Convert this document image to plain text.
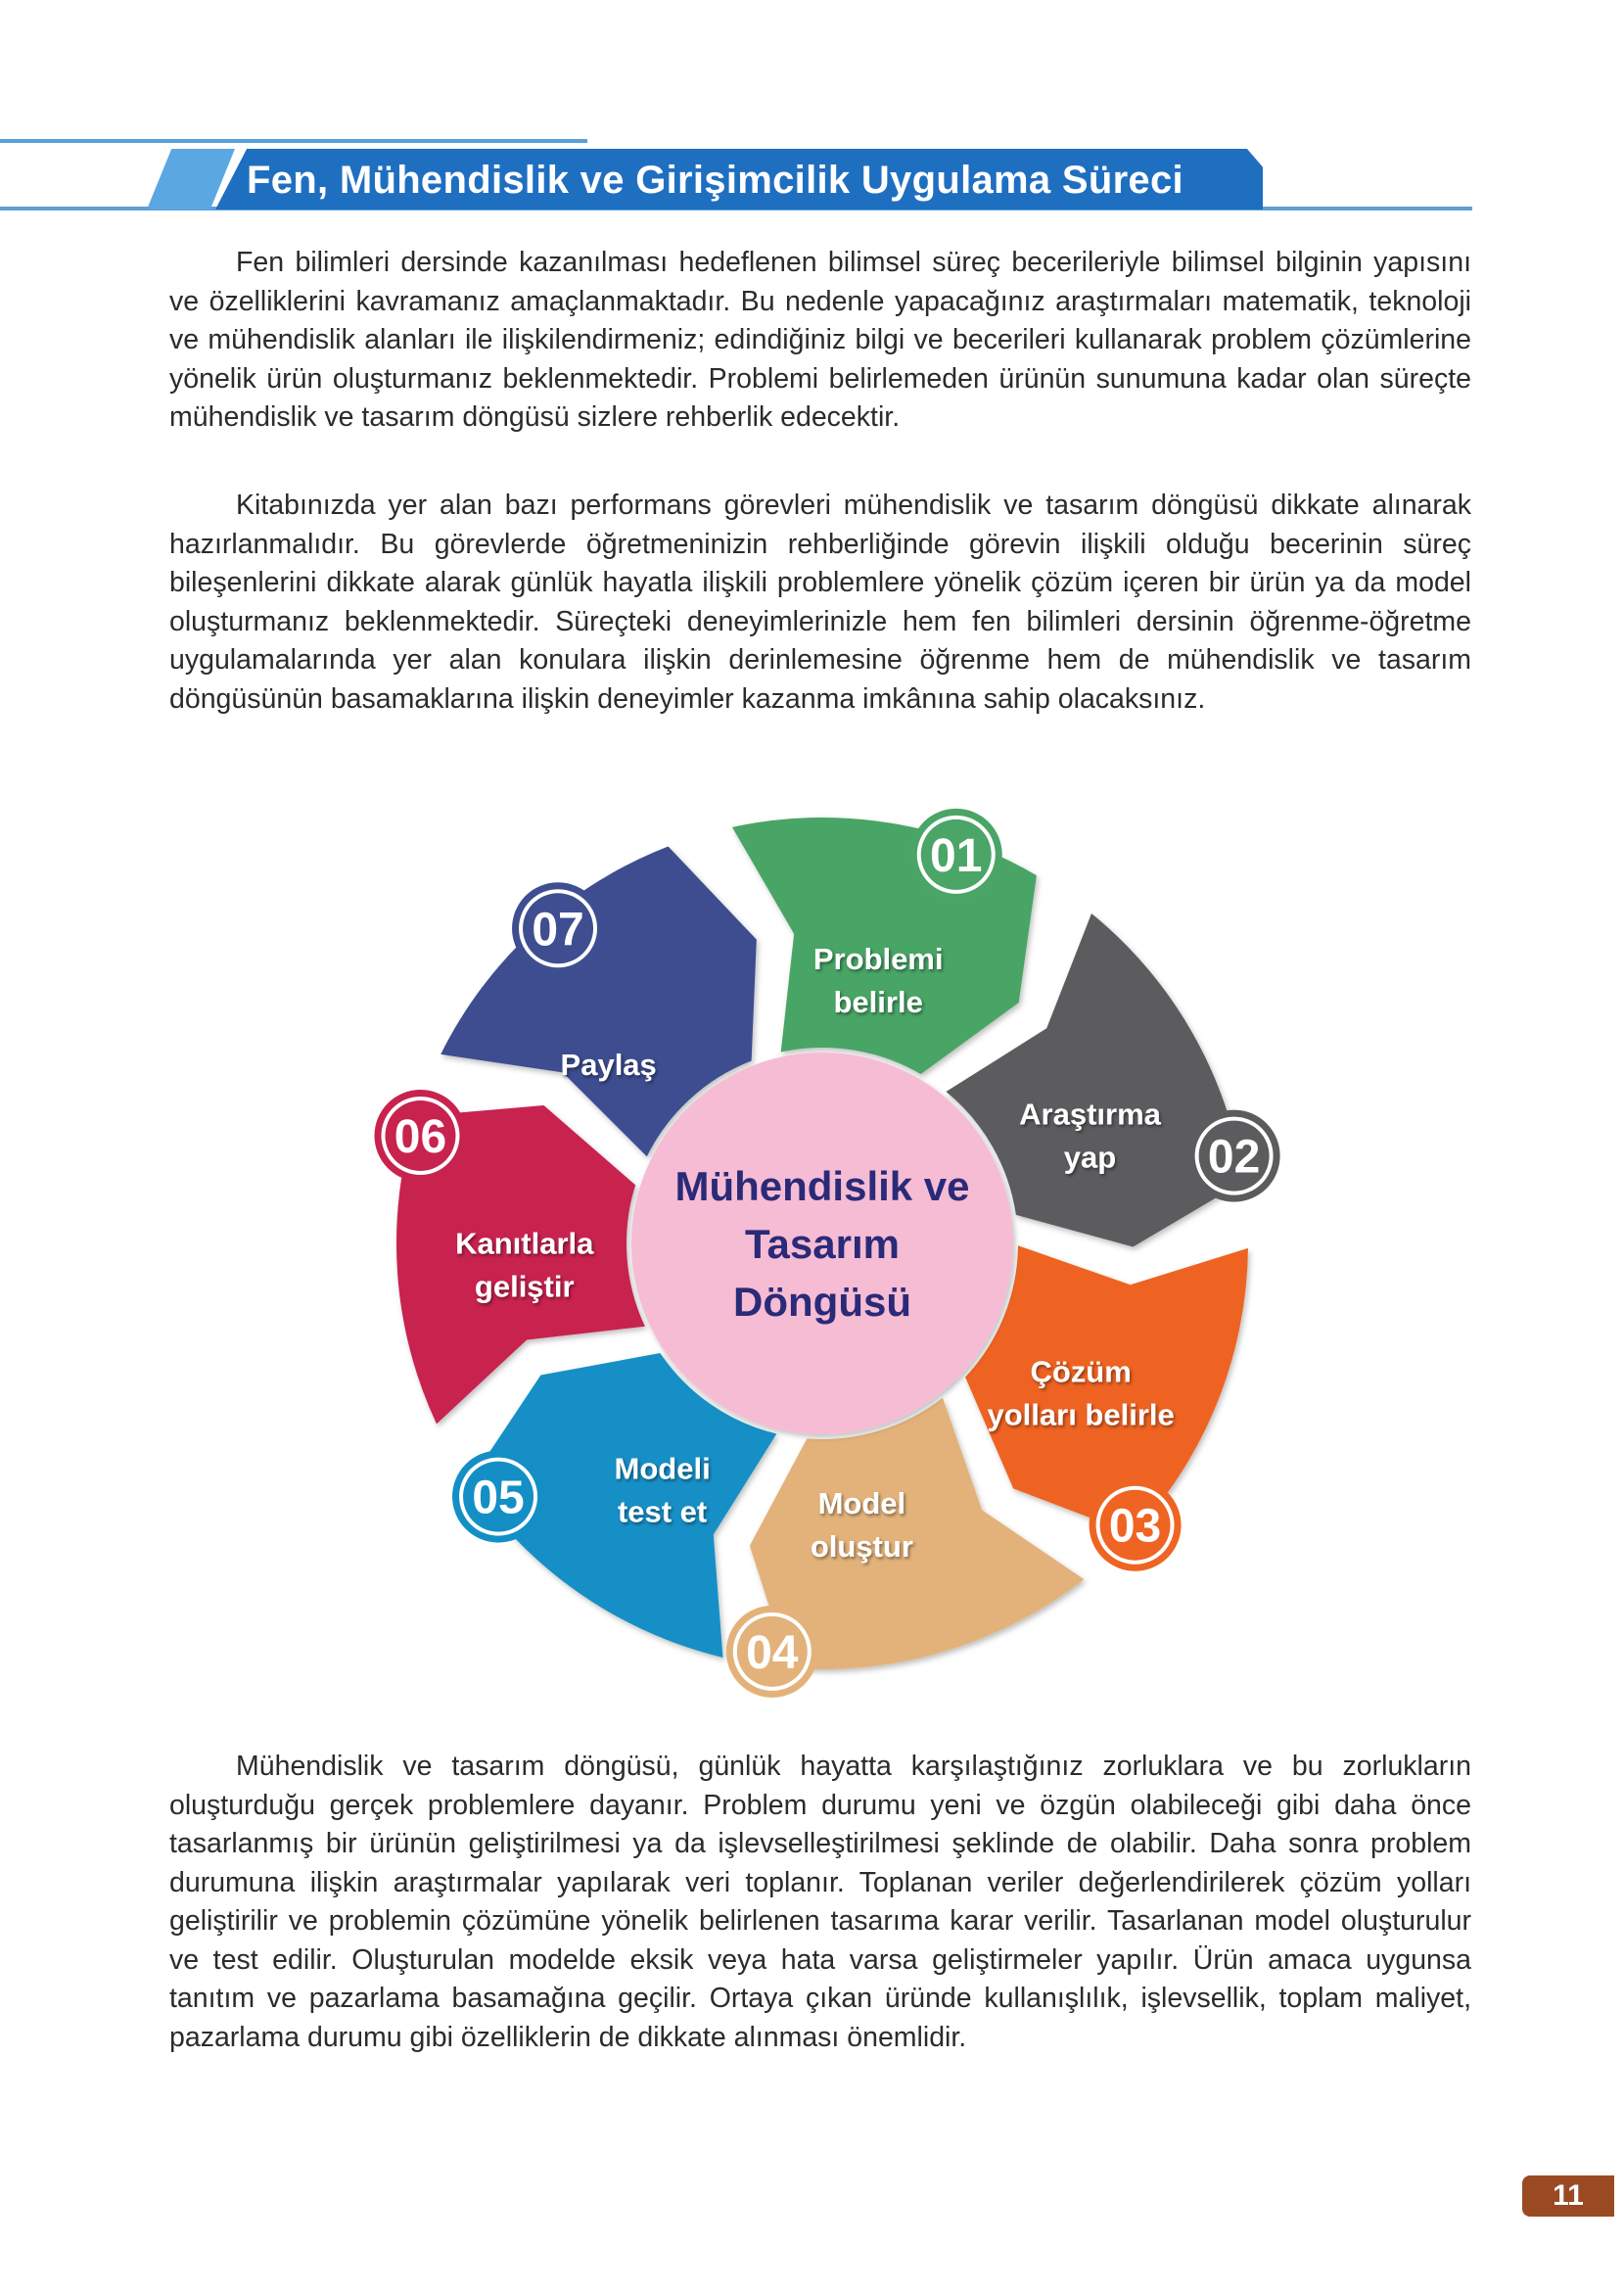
Fen, Mühendislik ve Girişimcilik Uygulama Süreci

Fen bilimleri dersinde kazanılması hedeflenen bilimsel süreç becerileriyle bilimsel bilginin yapısını ve özelliklerini kavramanız amaçlanmaktadır. Bu nedenle yapacağınız araştırmaları matematik, teknoloji ve mühendislik alanları ile ilişkilendirmeniz; edindiğiniz bilgi ve becerileri kullanarak problem çözümlerine yönelik ürün oluşturmanız beklenmektedir. Problemi belirlemeden ürünün sunumuna kadar olan süreçte mühendislik ve tasarım döngüsü sizlere rehberlik edecektir.

Kitabınızda yer alan bazı performans görevleri mühendislik ve tasarım döngüsü dikkate alınarak hazırlanmalıdır. Bu görevlerde öğretmeninizin rehberliğinde görevin ilişkili olduğu becerinin süreç bileşenlerini dikkate alarak günlük hayatla ilişkili problemlere yönelik çözüm içeren bir ürün ya da model oluşturmanız beklenmektedir. Süreçteki deneyimlerinizle hem fen bilimleri dersinin öğrenme-öğretme uygulamalarında yer alan konulara ilişkin derinlemesine öğrenme hem de mühendislik ve tasarım döngüsünün basamaklarına ilişkin deneyimler kazanma imkânına sahip olacaksınız.

Mühendislik ve Tasarım Döngüsü
01
02
03
04
05
06
07
Problemi belirle
Araştırma yap
Çözüm yolları belirle
Model oluştur
Modeli test et
Kanıtlarla geliştir
Paylaş

Mühendislik ve tasarım döngüsü, günlük hayatta karşılaştığınız zorluklara ve bu zorlukların oluşturduğu gerçek problemlere dayanır. Problem durumu yeni ve özgün olabileceği gibi daha önce tasarlanmış bir ürünün geliştirilmesi ya da işlevselleştirilmesi şeklinde de olabilir. Daha sonra problem durumuna ilişkin araştırmalar yapılarak veri toplanır. Toplanan veriler değerlendirilerek çözüm yolları geliştirilir ve problemin çözümüne yönelik belirlenen tasarıma karar verilir. Tasarlanan model oluşturulur ve test edilir. Oluşturulan modelde eksik veya hata varsa geliştirmeler yapılır. Ürün amaca uygunsa tanıtım ve pazarlama basamağına geçilir. Ortaya çıkan üründe kullanışlılık, işlevsellik, toplam maliyet, pazarlama durumu gibi özelliklerin de dikkate alınması önemlidir.

11
